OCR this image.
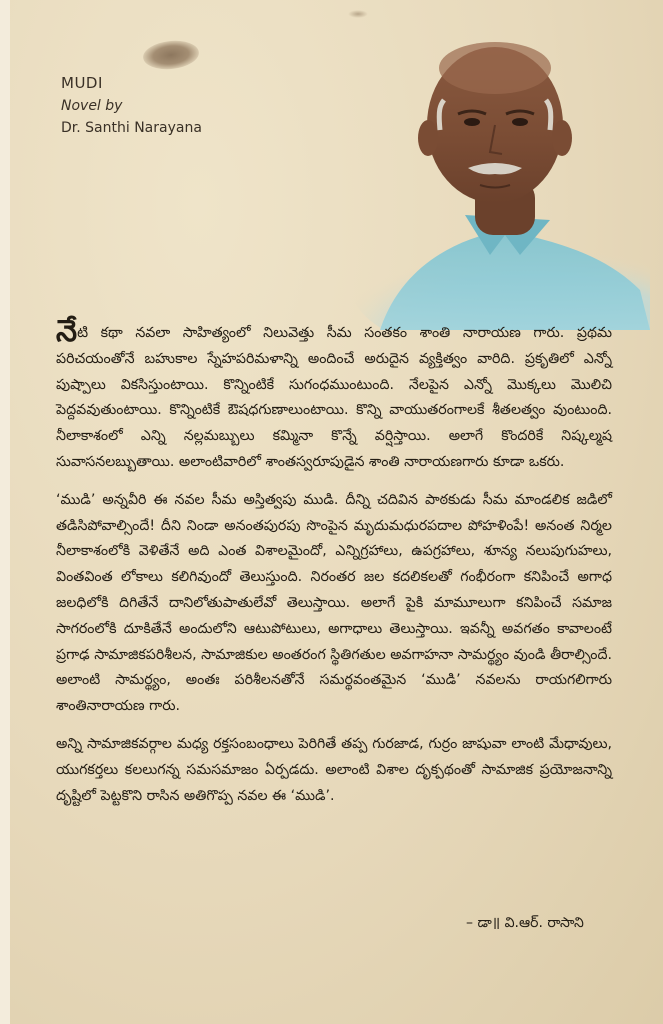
MUDI
Novel by
Dr. Santhi Narayana

నేటి కథా నవలా సాహిత్యంలో నిలువెత్తు సీమ సంతకం శాంతి నారాయణ గారు. ప్రథమ పరిచయంతోనే బహుకాల స్నేహపరిమళాన్ని అందించే అరుదైన వ్యక్తిత్వం వారిది. ప్రకృతిలో ఎన్నో పుష్పాలు వికసిస్తుంటాయి. కొన్నింటికే సుగంధముంటుంది. నేలపైన ఎన్నో మొక్కలు మొలిచి పెద్దవవుతుంటాయి. కొన్నింటికే ఔషధగుణాలుంటాయి. కొన్ని వాయుతరంగాలకే శీతలత్వం వుంటుంది. నీలాకాశంలో ఎన్ని నల్లమబ్బులు కమ్మినా కొన్నే వర్షిస్తాయి. అలాగే కొందరికే నిష్కల్మష సువాసనలబ్బుతాయి. అలాంటివారిలో శాంతస్వరూపుడైన శాంతి నారాయణగారు కూడా ఒకరు.

‘ముడి’ అన్నవీరి ఈ నవల సీమ అస్తిత్వపు ముడి. దీన్ని చదివిన పాఠకుడు సీమ మాండలిక జడిలో తడిసిపోవాల్సిందే! దీని నిండా అనంతపురపు సొంపైన మృదుమధురపదాల పోహళింపే! అనంత నిర్మల నీలాకాశంలోకి వెళితేనే అది ఎంత విశాలమైందో, ఎన్నిగ్రహాలు, ఉపగ్రహాలు, శూన్య నలుపుగుహలు, వింతవింత లోకాలు కలిగివుందో తెలుస్తుంది. నిరంతర జల కదలికలతో గంభీరంగా కనిపించే అగాధ జలధిలోకి దిగితేనే దానిలోతుపాతులేవో తెలుస్తాయి. అలాగే పైకి మామూలుగా కనిపించే సమాజ సాగరంలోకి దూకితేనే అందులోని ఆటుపోటులు, అగాధాలు తెలుస్తాయి. ఇవన్నీ అవగతం కావాలంటే ప్రగాఢ సామాజికపరిశీలన, సామాజికుల అంతరంగ స్థితిగతుల అవగాహనా సామర్థ్యం వుండి తీరాల్సిందే. అలాంటి సామర్థ్యం, అంతః పరిశీలనతోనే సమర్థవంతమైన ‘ముడి’ నవలను రాయగలిగారు శాంతినారాయణ గారు.

అన్ని సామాజికవర్గాల మధ్య రక్తసంబంధాలు పెరిగితే తప్ప గురజాడ, గుర్రం జాషువా లాంటి మేధావులు, యుగకర్తలు కలలుగన్న సమసమాజం ఏర్పడదు. అలాంటి విశాల దృక్పథంతో సామాజిక ప్రయోజనాన్ని దృష్టిలో పెట్టకొని రాసిన అతిగొప్ప నవల ఈ ‘ముడి’.

– డా॥ వి.ఆర్. రాసాని
